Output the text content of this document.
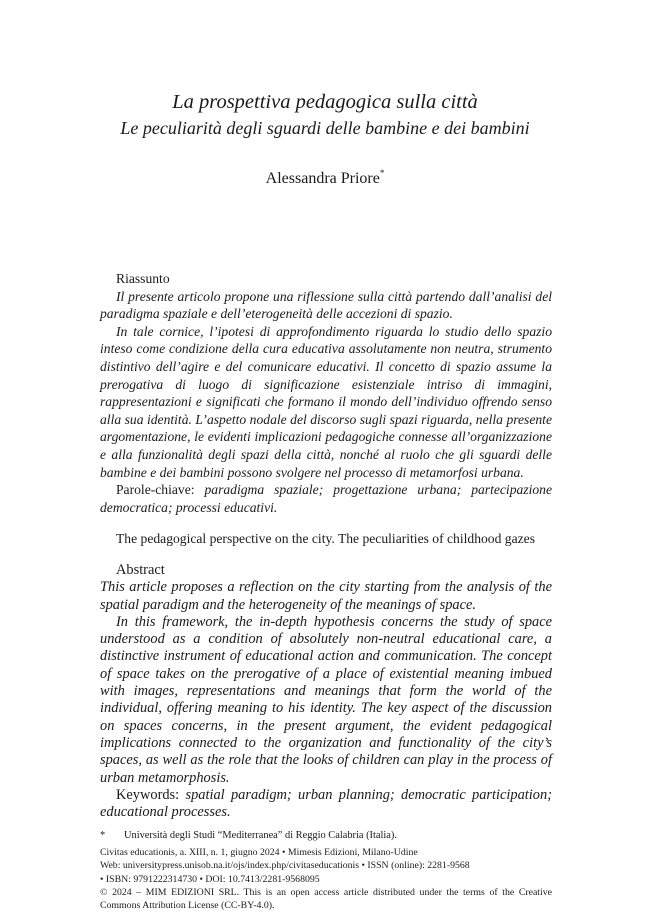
La prospettiva pedagogica sulla città
Le peculiarità degli sguardi delle bambine e dei bambini
Alessandra Priore*
Riassunto

Il presente articolo propone una riflessione sulla città partendo dall’analisi del paradigma spaziale e dell’eterogeneità delle accezioni di spazio.

In tale cornice, l’ipotesi di approfondimento riguarda lo studio dello spazio inteso come condizione della cura educativa assolutamente non neutra, strumento distintivo dell’agire e del comunicare educativi. Il concetto di spazio assume la prerogativa di luogo di significazione esistenziale intriso di immagini, rappresentazioni e significati che formano il mondo dell’individuo offrendo senso alla sua identità. L’aspetto nodale del discorso sugli spazi riguarda, nella presente argomentazione, le evidenti implicazioni pedagogiche connesse all’organizzazione e alla funzionalità degli spazi della città, nonché al ruolo che gli sguardi delle bambine e dei bambini possono svolgere nel processo di metamorfosi urbana.

Parole-chiave: paradigma spaziale; progettazione urbana; partecipazione democratica; processi educativi.

The pedagogical perspective on the city. The peculiarities of childhood gazes

Abstract

This article proposes a reflection on the city starting from the analysis of the spatial paradigm and the heterogeneity of the meanings of space.

In this framework, the in-depth hypothesis concerns the study of space understood as a condition of absolutely non-neutral educational care, a distinctive instrument of educational action and communication. The concept of space takes on the prerogative of a place of existential meaning imbued with images, representations and meanings that form the world of the individual, offering meaning to his identity. The key aspect of the discussion on spaces concerns, in the present argument, the evident pedagogical implications connected to the organization and functionality of the city’s spaces, as well as the role that the looks of children can play in the process of urban metamorphosis.

Keywords: spatial paradigm; urban planning; democratic participation; educational processes.

* Università degli Studi “Mediterranea” di Reggio Calabria (Italia).
Civitas educationis, a. XIII, n. 1, giugno 2024 • Mimesis Edizioni, Milano-Udine
Web: universitypress.unisob.na.it/ojs/index.php/civitaseducationis • ISSN (online): 2281-9568
• ISBN: 9791222314730 • DOI: 10.7413/2281-9568095
© 2024 – MIM EDIZIONI SRL. This is an open access article distributed under the terms of the Creative Commons Attribution License (CC-BY-4.0).
